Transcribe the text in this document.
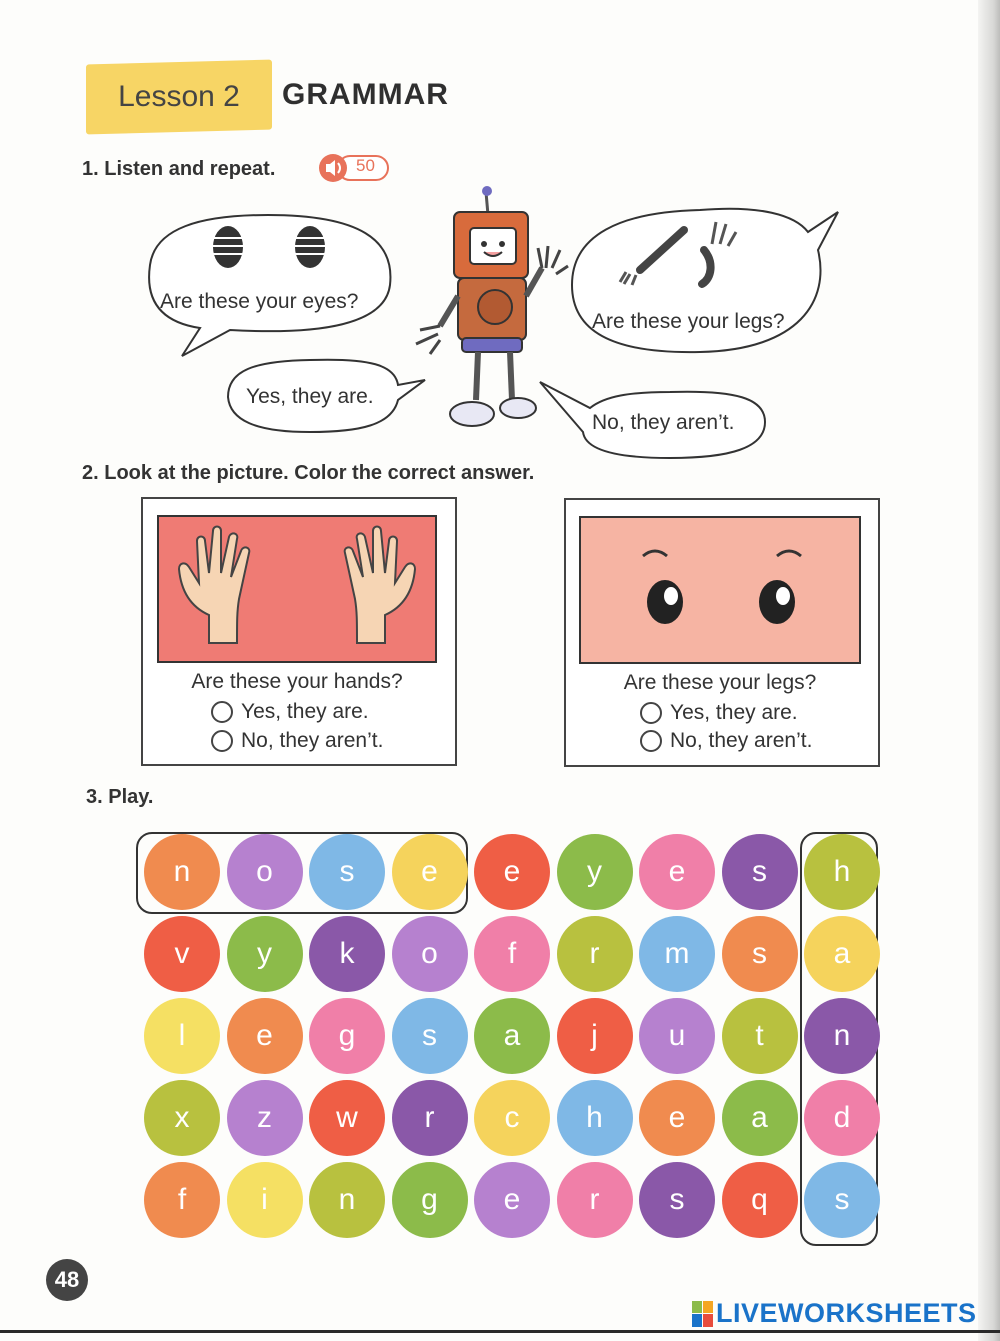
Lesson 2 GRAMMAR
1. Listen and repeat.	50
Are these your eyes?
Yes, they are.
Are these your legs?
No, they aren’t.
2. Look at the picture. Color the correct answer.
Are these your hands?
Yes, they are.
No, they aren’t.
Are these your legs?
Yes, they are.
No, they aren’t.
3. Play.
n	o	s	e	e	y	e	s	h
v	y	k	o	f	r	m	s	a
l	e	g	s	a	j	u	t	n
x	z	w	r	c	h	e	a	d
f	i	n	g	e	r	s	q	s
48
LIVEWORKSHEETS
